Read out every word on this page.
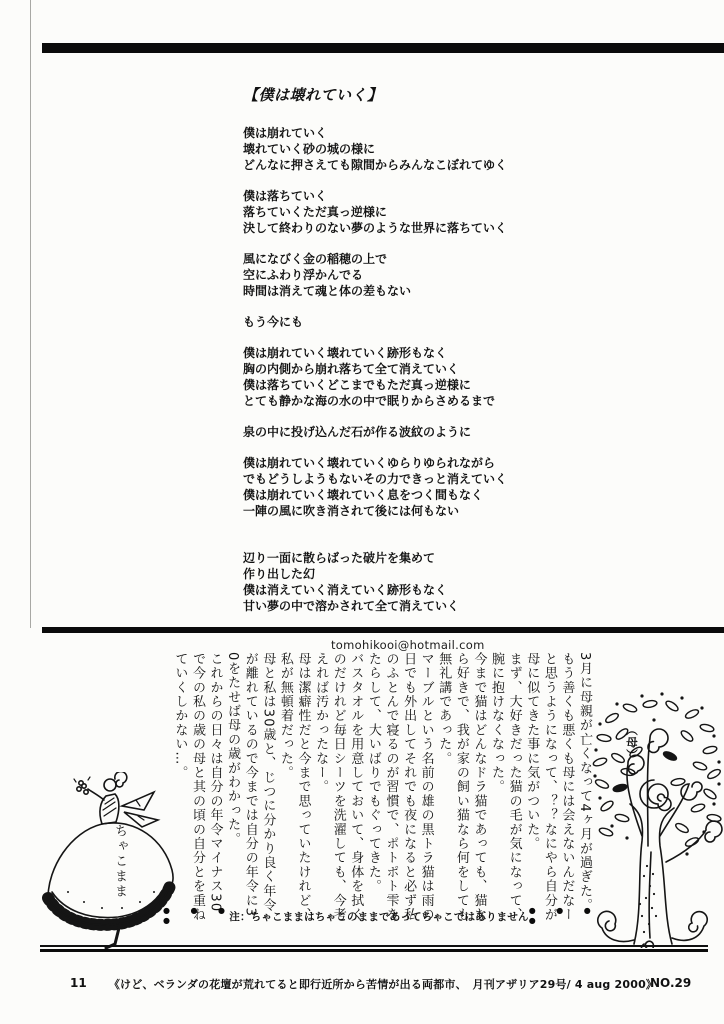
【僕は壊れていく】
僕は崩れていく
壊れていく砂の城の様に
どんなに押さえても隙間からみんなこぼれてゆく
僕は落ちていく
落ちていくただ真っ逆様に
決して終わりのない夢のような世界に落ちていく
風になびく金の稲穂の上で
空にふわり浮かんでる
時間は消えて魂と体の差もない
もう今にも
僕は崩れていく壊れていく跡形もなく
胸の内側から崩れ落ちて全て消えていく
僕は落ちていくどこまでもただ真っ逆様に
とても静かな海の水の中で眠りからさめるまで
泉の中に投げ込んだ石が作る波紋のように
僕は崩れていく壊れていくゆらりゆられながら
でもどうしようもないその力できっと消えていく
僕は崩れていく壊れていく息をつく間もなく
一陣の風に吹き消されて後には何もない
辺り一面に散らばった破片を集めて
作り出した幻
僕は消えていく消えていく跡形もなく
甘い夢の中で溶かされて全て消えていく
tomohikooi@hotmail.com
3月に母親が亡くなって4ヶ月が過ぎた。
もう善くも悪くも母には会えないんだなー
と思うようになって、？？なにやら自分が
母に似てきた事に気がついた。
まず、大好きだった猫の毛が気になって、
腕に抱けなくなった。
今まで猫はどんなドラ猫であっても、猫な
ら好きで、我が家の飼い猫なら何をしても
無礼講であった。
マーブルという名前の雄の黒トラ猫は雨の
日でも外出してそれでも夜になると必ず私
のふとんで寝るのが習慣で、ポトポト雫を
たらして、大いばりでもぐってきた。
バスタオルを用意しておいて、身体を拭く
のだけれど毎日シーツを洗濯しても、今考
えれば汚かったなー。
母は潔癖性だと今まで思っていたけれど、
私が無頓着だった。
母と私は30歳と、じつに分かり良く年令
が離れているので今までは自分の年令に3
0をたせば母の歳がわかった。
これからの日々は自分の年令マイナス30
で今の私の歳の母と其の頃の自分とを重ね
ていくしかない…。	（母）
ちゃこまま
● ● ● ●	注：ちゃこままはちゃこのままであってちゃこではありません ● ● ● ●
11	《けど、ベランダの花壇が荒れてると即行近所から苦情が出る両都市、　月刊アザリア29号/ 4 aug 2000》
NO.29
